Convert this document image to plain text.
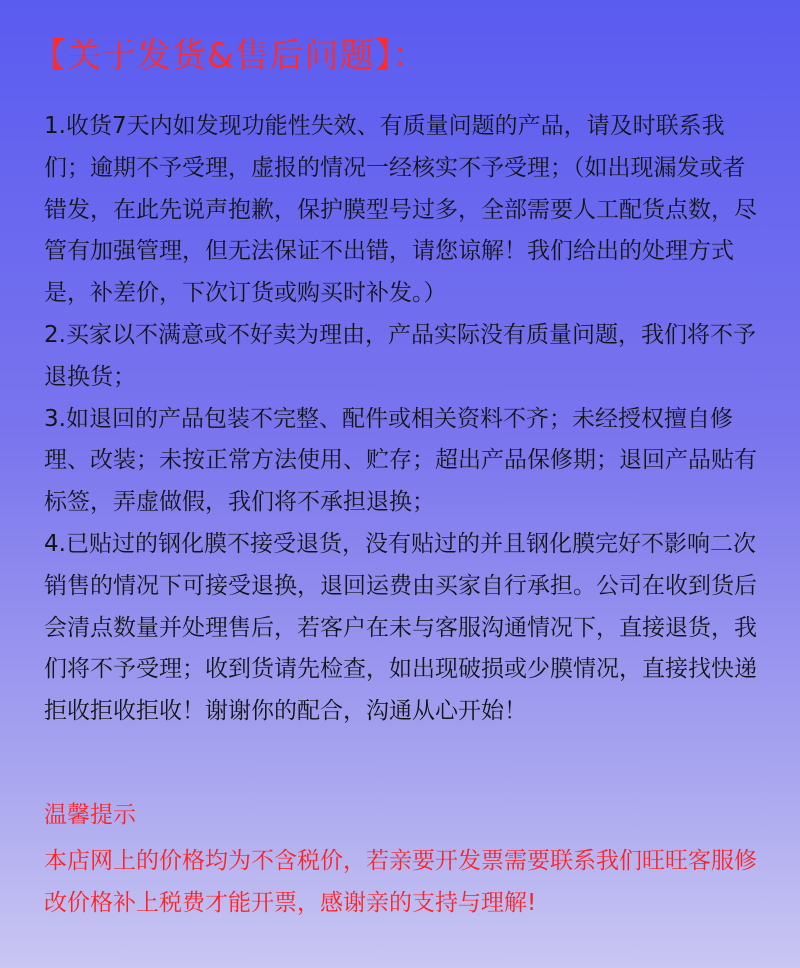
【关于发货&售后问题】：

1.收货7天内如发现功能性失效、有质量问题的产品，请及时联系我们；逾期不予受理，虚报的情况一经核实不予受理；（如出现漏发或者错发，在此先说声抱歉，保护膜型号过多，全部需要人工配货点数，尽管有加强管理，但无法保证不出错，请您谅解！我们给出的处理方式是，补差价，下次订货或购买时补发。）

2.买家以不满意或不好卖为理由，产品实际没有质量问题，我们将不予退换货；

3.如退回的产品包装不完整、配件或相关资料不齐；未经授权擅自修理、改装；未按正常方法使用、贮存；超出产品保修期；退回产品贴有标签，弄虚做假，我们将不承担退换；

4.已贴过的钢化膜不接受退货，没有贴过的并且钢化膜完好不影响二次销售的情况下可接受退换，退回运费由买家自行承担。公司在收到货后会清点数量并处理售后，若客户在未与客服沟通情况下，直接退货，我们将不予受理；收到货请先检查，如出现破损或少膜情况，直接找快递拒收拒收拒收！谢谢你的配合，沟通从心开始！

温馨提示
本店网上的价格均为不含税价，若亲要开发票需要联系我们旺旺客服修改价格补上税费才能开票，感谢亲的支持与理解!
